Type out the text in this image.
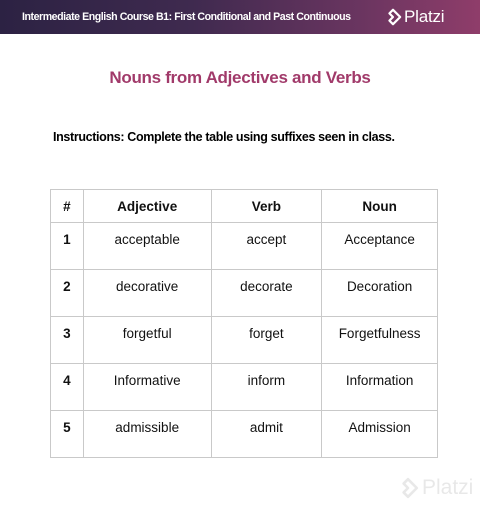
Intermediate English Course B1: First Conditional and Past Continuous	Platzi
Nouns from Adjectives and Verbs
Instructions: Complete the table using suffixes seen in class.
#	Adjective	Verb	Noun
1	acceptable	accept	Acceptance
2	decorative	decorate	Decoration
3	forgetful	forget	Forgetfulness
4	Informative	inform	Information
5	admissible	admit	Admission
Platzi
